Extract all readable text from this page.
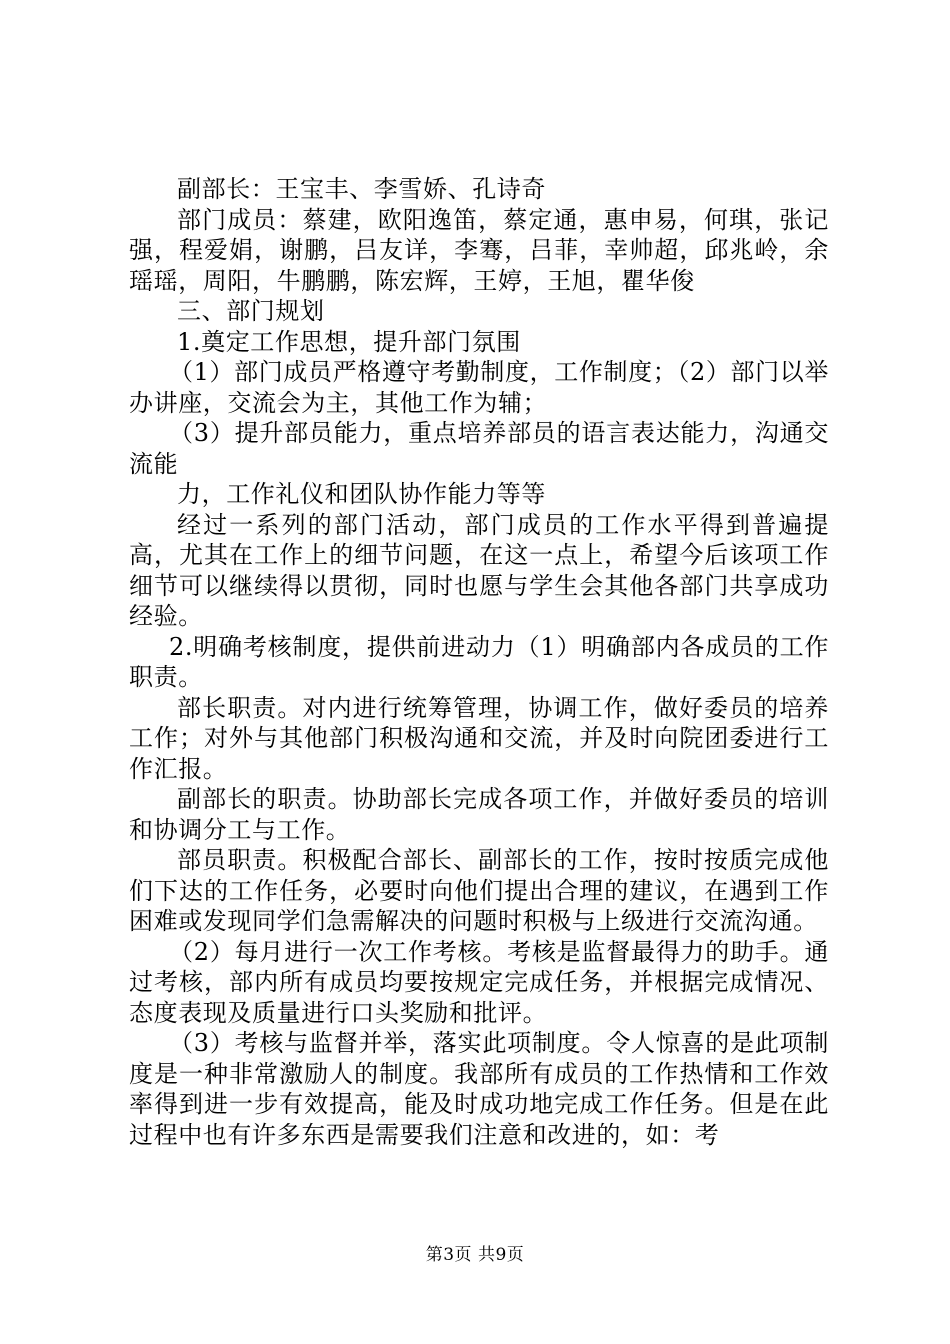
副部长：王宝丰、李雪娇、孔诗奇

部门成员：蔡建，欧阳逸笛，蔡定通，惠申易，何琪，张记强，程爱娟，谢鹏，吕友详，李骞，吕菲，幸帅超，邱兆岭，余瑶瑶，周阳，牛鹏鹏，陈宏辉，王婷，王旭，瞿华俊

三、部门规划

1.奠定工作思想，提升部门氛围

（1）部门成员严格遵守考勤制度，工作制度；（2）部门以举办讲座，交流会为主，其他工作为辅；

（3）提升部员能力，重点培养部员的语言表达能力，沟通交流能

力，工作礼仪和团队协作能力等等

经过一系列的部门活动，部门成员的工作水平得到普遍提高，尤其在工作上的细节问题，在这一点上，希望今后该项工作细节可以继续得以贯彻，同时也愿与学生会其他各部门共享成功经验。

2.明确考核制度，提供前进动力（1）明确部内各成员的工作职责。

部长职责。对内进行统筹管理，协调工作，做好委员的培养工作；对外与其他部门积极沟通和交流，并及时向院团委进行工作汇报。

副部长的职责。协助部长完成各项工作，并做好委员的培训和协调分工与工作。

部员职责。积极配合部长、副部长的工作，按时按质完成他们下达的工作任务，必要时向他们提出合理的建议，在遇到工作困难或发现同学们急需解决的问题时积极与上级进行交流沟通。

（2）每月进行一次工作考核。考核是监督最得力的助手。通过考核，部内所有成员均要按规定完成任务，并根据完成情况、态度表现及质量进行口头奖励和批评。

（3）考核与监督并举，落实此项制度。令人惊喜的是此项制度是一种非常激励人的制度。我部所有成员的工作热情和工作效率得到进一步有效提高，能及时成功地完成工作任务。但是在此过程中也有许多东西是需要我们注意和改进的，如：考

第3页 共9页
